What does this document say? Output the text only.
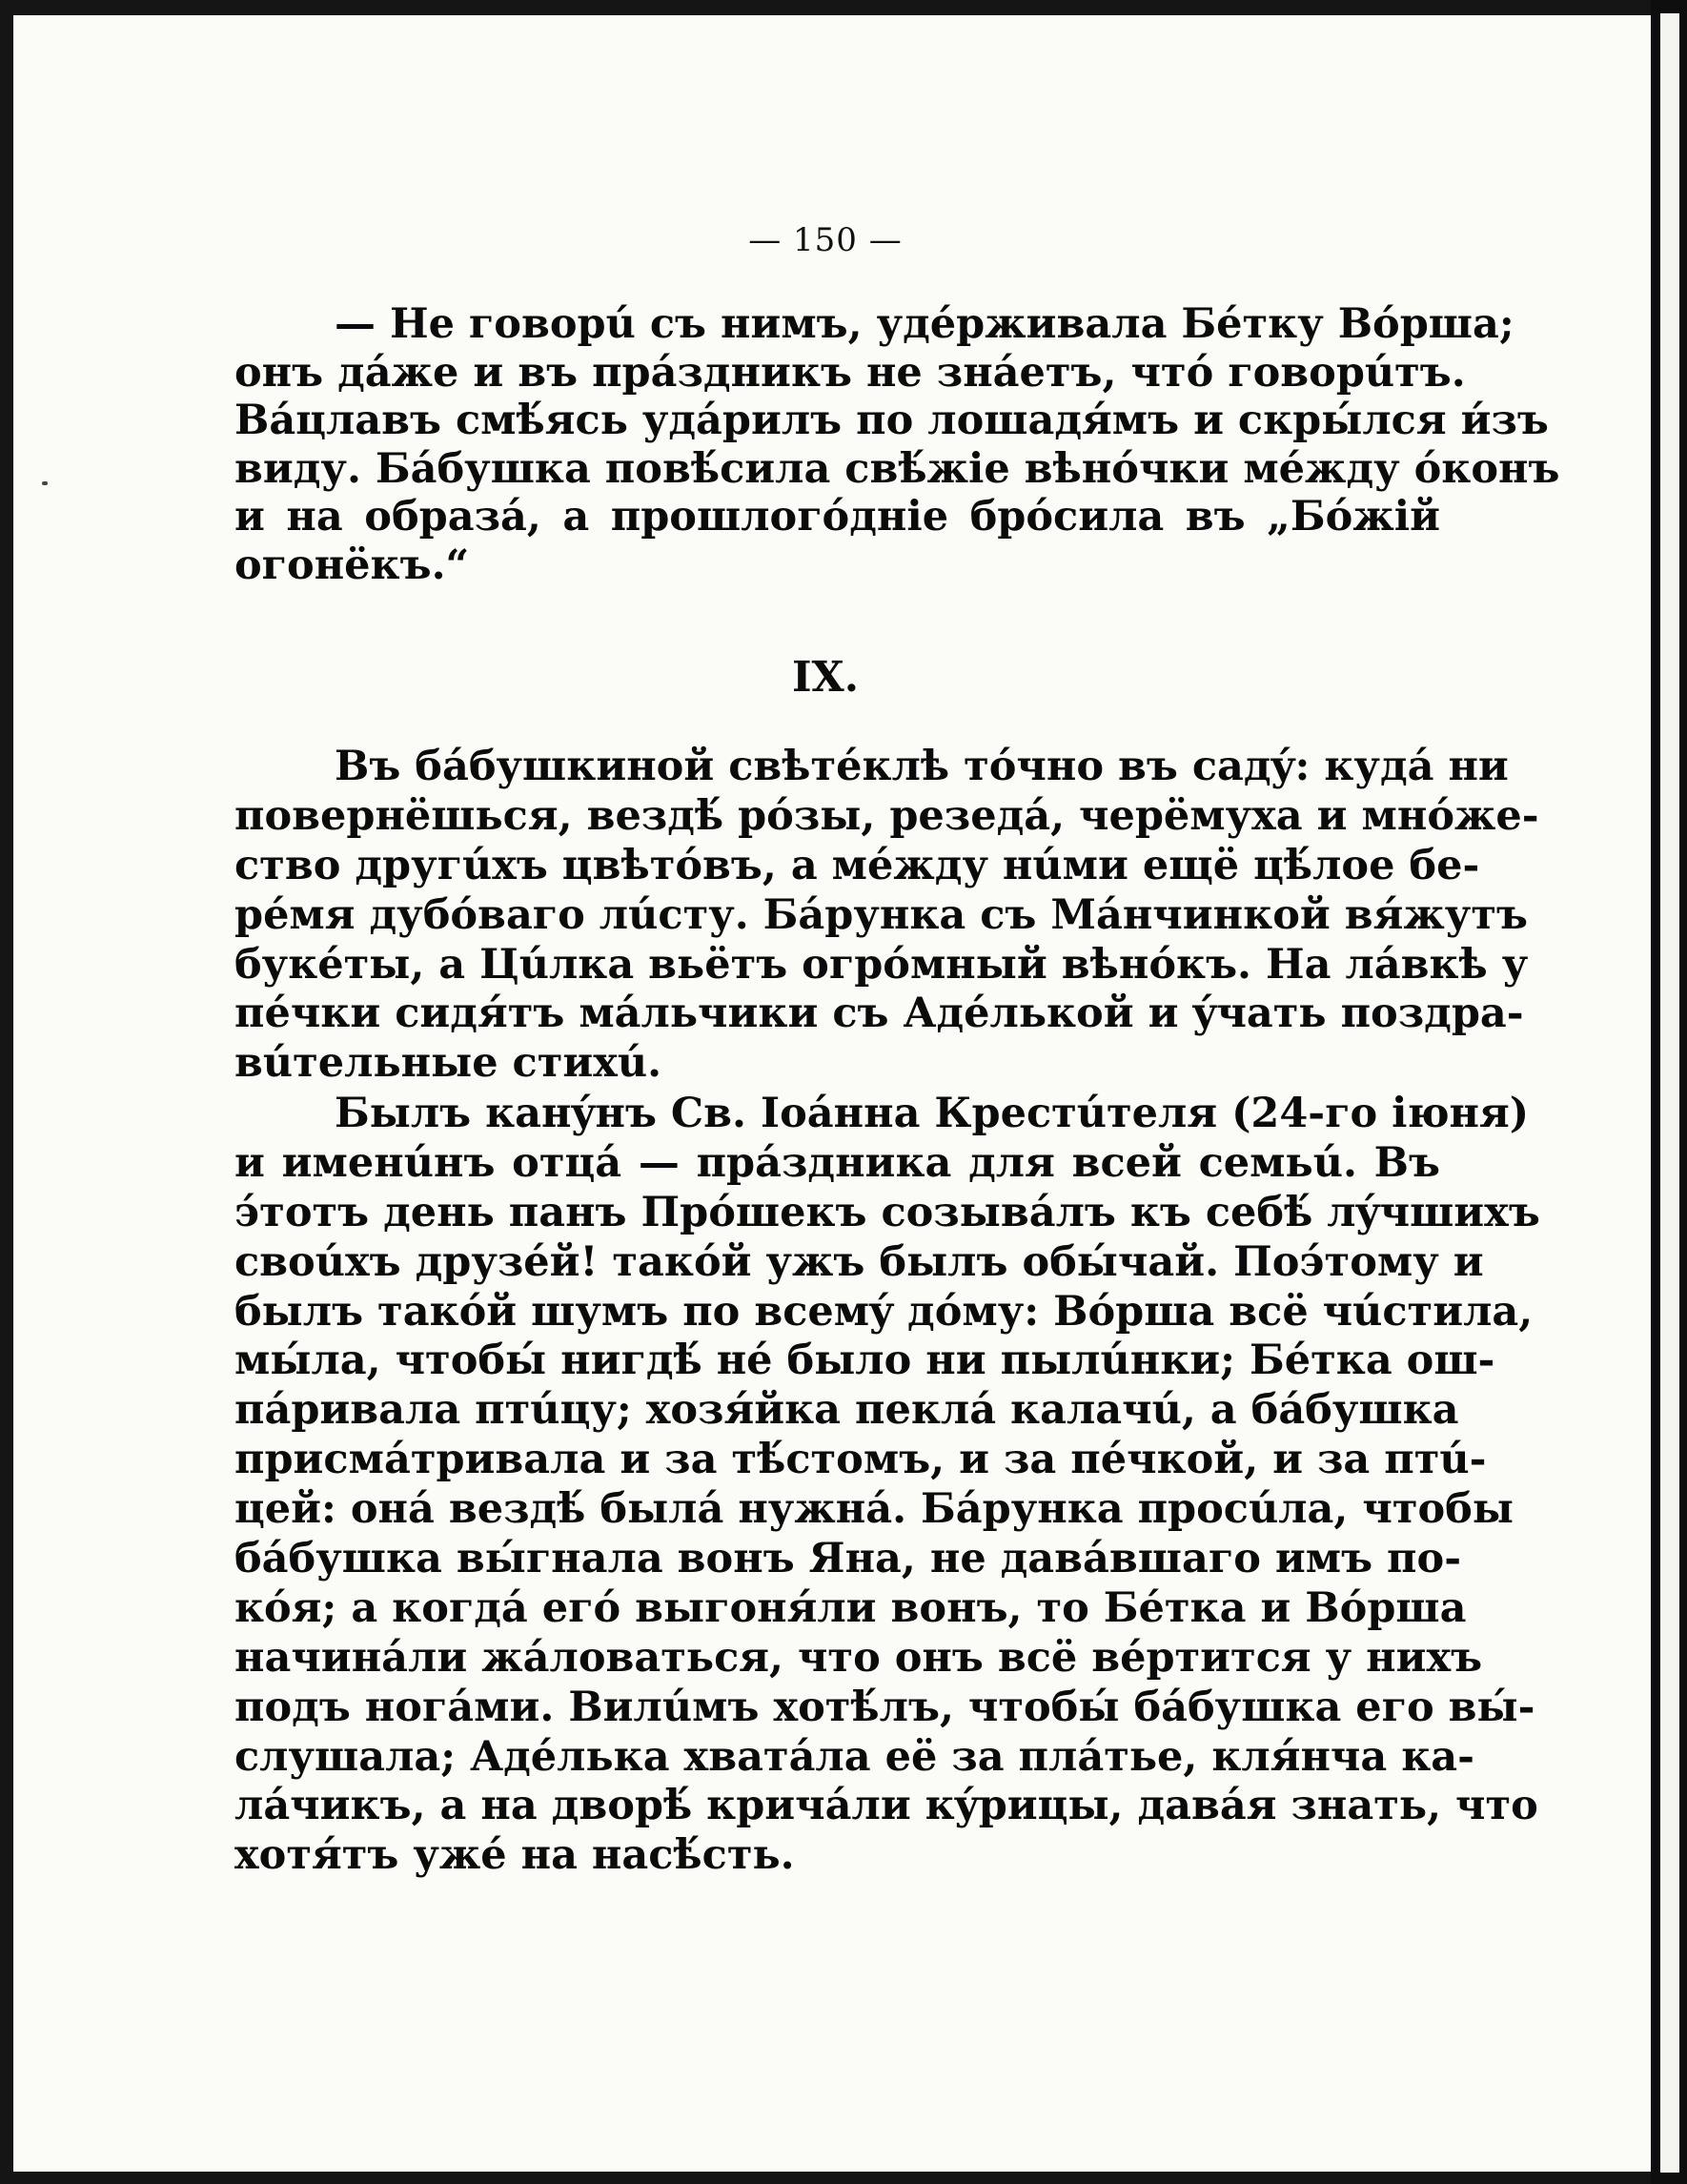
— 150 —
— Не говорú съ нимъ, удéрживала Бéтку Вóрша;
онъ дáже и въ прáздникъ не знáетъ, чтó говорúтъ.
Вáцлавъ смѣ́ясь удáрилъ по лошадя́мъ и скры́лся и́зъ
виду. Бáбушка повѣ́сила свѣ́жіе вѣнóчки мéжду óконъ
и на образá, а прошлогóдніе брóсила въ „Бóжій
огонёкъ.“
IX.
Въ бáбушкиной свѣтéклѣ тóчно въ садý: кудá ни
повернёшься, вездѣ́ рóзы, резедá, черёмуха и мнóже-
ство другúхъ цвѣтóвъ, а мéжду нúми ещё цѣ́лое бе-
рéмя дубóваго лúсту. Бáрунка съ Мáнчинкой вя́жутъ
букéты, а Цúлка вьётъ огрóмный вѣнóкъ. На лáвкѣ у
пéчки сидя́тъ мáльчики съ Адéлькой и ýчать поздра-
вúтельные стихú.
Былъ канýнъ Св. Іоáнна Крестúтеля (24-го іюня)
и именúнъ отцá — прáздника для всей семьú. Въ
э́тотъ день панъ Прóшекъ созывáлъ къ себѣ́ лýчшихъ
своúхъ друзéй! такóй ужъ былъ обы́чай. Поэ́тому и
былъ такóй шумъ по всемý дóму: Вóрша всё чúстила,
мы́ла, чтобы́ нигдѣ́ нé было ни пылúнки; Бéтка ош-
пáривала птúцу; хозя́йка пеклá калачú, а бáбушка
присмáтривала и за тѣ́стомъ, и за пéчкой, и за птú-
цей: онá вездѣ́ былá нужнá. Бáрунка просúла, чтобы
бáбушка вы́гнала вонъ Яна, не давáвшаго имъ по-
кóя; а когдá егó выгоня́ли вонъ, то Бéтка и Вóрша
начинáли жáловаться, что онъ всё вéртится у нихъ
подъ ногáми. Вилúмъ хотѣ́лъ, чтобы́ бáбушка его вы́-
слушала; Адéлька хватáла её за плáтье, кля́нча ка-
лáчикъ, а на дворѣ́ кричáли кýрицы, давáя знать, что
хотя́тъ ужé на насѣ́сть.
